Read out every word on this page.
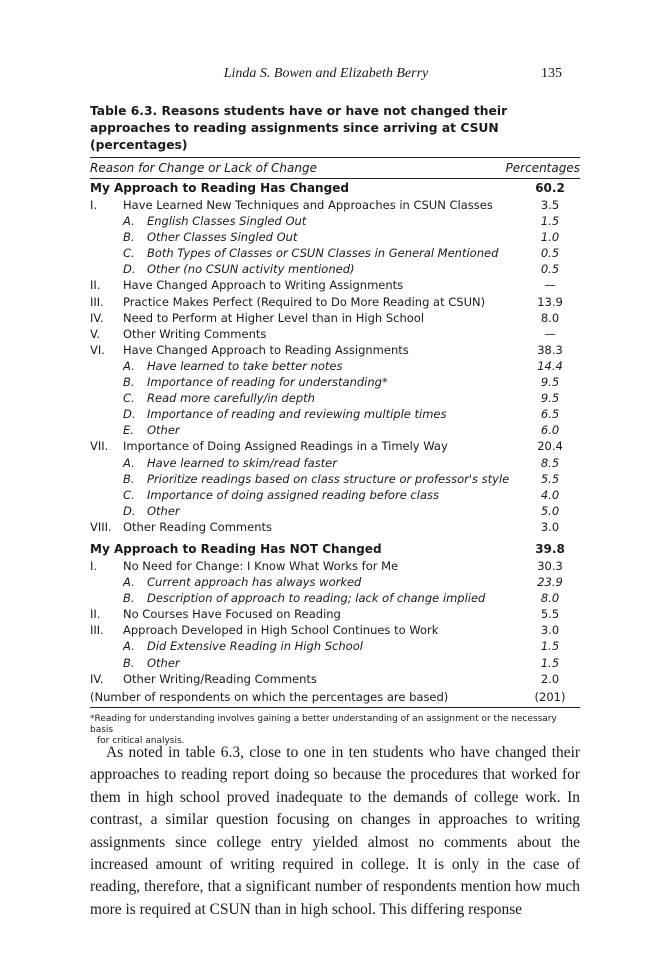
Linda S. Bowen and Elizabeth Berry	135

Table 6.3. Reasons students have or have not changed their approaches to reading assignments since arriving at CSUN (percentages)

Reason for Change or Lack of Change	Percentages
My Approach to Reading Has Changed	60.2
I.	Have Learned New Techniques and Approaches in CSUN Classes	3.5
A.	English Classes Singled Out	1.5
B.	Other Classes Singled Out	1.0
C.	Both Types of Classes or CSUN Classes in General Mentioned	0.5
D. Other (no CSUN activity mentioned)	0.5
II.	Have Changed Approach to Writing Assignments	—
III.	Practice Makes Perfect (Required to Do More Reading at CSUN)	13.9
IV.	Need to Perform at Higher Level than in High School	8.0
V.	Other Writing Comments	—
VI.	Have Changed Approach to Reading Assignments	38.3
A.	Have learned to take better notes	14.4
B.	Importance of reading for understanding*	9.5
C.	Read more carefully/in depth	9.5
D. Importance of reading and reviewing multiple times	6.5
E.	Other	6.0
VII.	Importance of Doing Assigned Readings in a Timely Way	20.4
A.	Have learned to skim/read faster	8.5
B.	Prioritize readings based on class structure or professor's style	5.5
C.	Importance of doing assigned reading before class	4.0
D. Other	5.0
VIII. Other Reading Comments	3.0
My Approach to Reading Has NOT Changed	39.8
I.	No Need for Change: I Know What Works for Me	30.3
A.	Current approach has always worked	23.9
B.	Description of approach to reading; lack of change implied	8.0
II.	No Courses Have Focused on Reading	5.5
III.	Approach Developed in High School Continues to Work	3.0
A.	Did Extensive Reading in High School	1.5
B.	Other	1.5
IV.	Other Writing/Reading Comments	2.0
(Number of respondents on which the percentages are based)	(201)
*Reading for understanding involves gaining a better understanding of an assignment or the necessary basis
for critical analysis.

As noted in table 6.3, close to one in ten students who have changed their approaches to reading report doing so because the procedures that worked for them in high school proved inadequate to the demands of college work. In contrast, a similar question focusing on changes in approaches to writing assignments since college entry yielded almost no comments about the increased amount of writing required in college. It is only in the case of reading, therefore, that a significant number of respondents mention how much more is required at CSUN than in high school. This differing response
